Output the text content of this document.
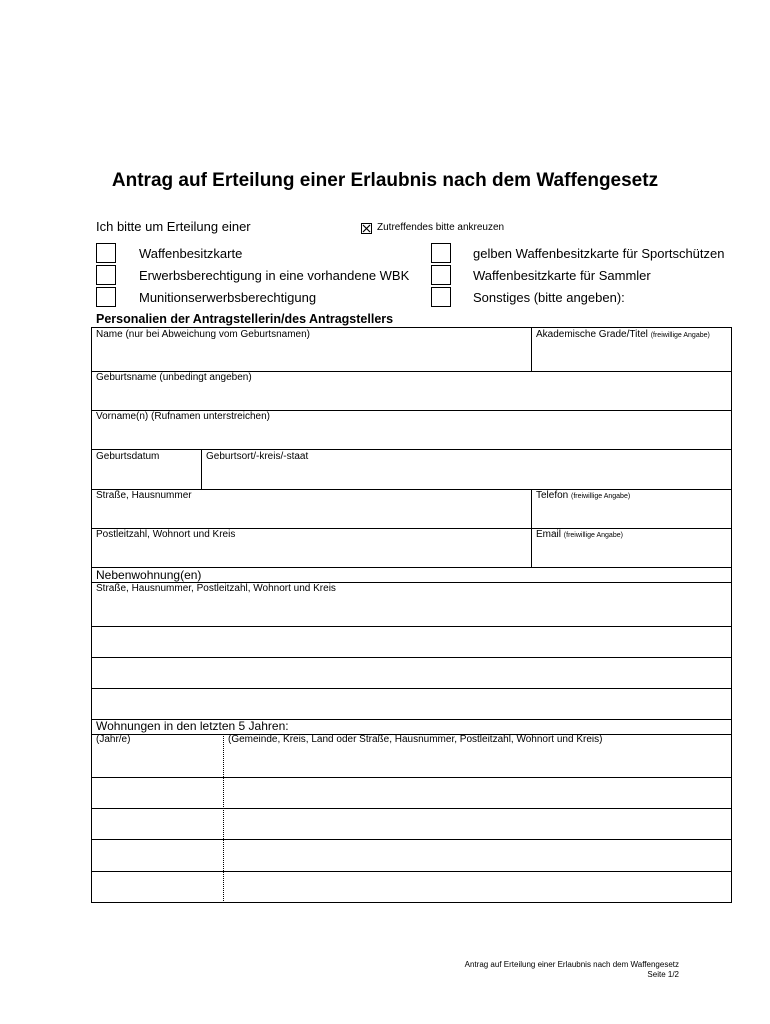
Antrag auf Erteilung einer Erlaubnis nach dem Waffengesetz
Ich bitte um Erteilung einer	Zutreffendes bitte ankreuzen
Waffenbesitzkarte
Erwerbsberechtigung in eine vorhandene WBK
Munitionserwerbsberechtigung
gelben Waffenbesitzkarte für Sportschützen
Waffenbesitzkarte für Sammler
Sonstiges (bitte angeben):
Personalien der Antragstellerin/des Antragstellers
Name (nur bei Abweichung vom Geburtsnamen)	Akademische Grade/Titel (freiwillige Angabe)
Geburtsname (unbedingt angeben)
Vorname(n) (Rufnamen unterstreichen)
Geburtsdatum	Geburtsort/-kreis/-staat
Straße, Hausnummer	Telefon (freiwillige Angabe)
Postleitzahl, Wohnort und Kreis	Email (freiwillige Angabe)
Nebenwohnung(en)
Straße, Hausnummer, Postleitzahl, Wohnort und Kreis
Wohnungen in den letzten 5 Jahren:
(Jahr/e)	(Gemeinde, Kreis, Land oder Straße, Hausnummer, Postleitzahl, Wohnort und Kreis)
Antrag auf Erteilung einer Erlaubnis nach dem Waffengesetz
Seite 1/2
